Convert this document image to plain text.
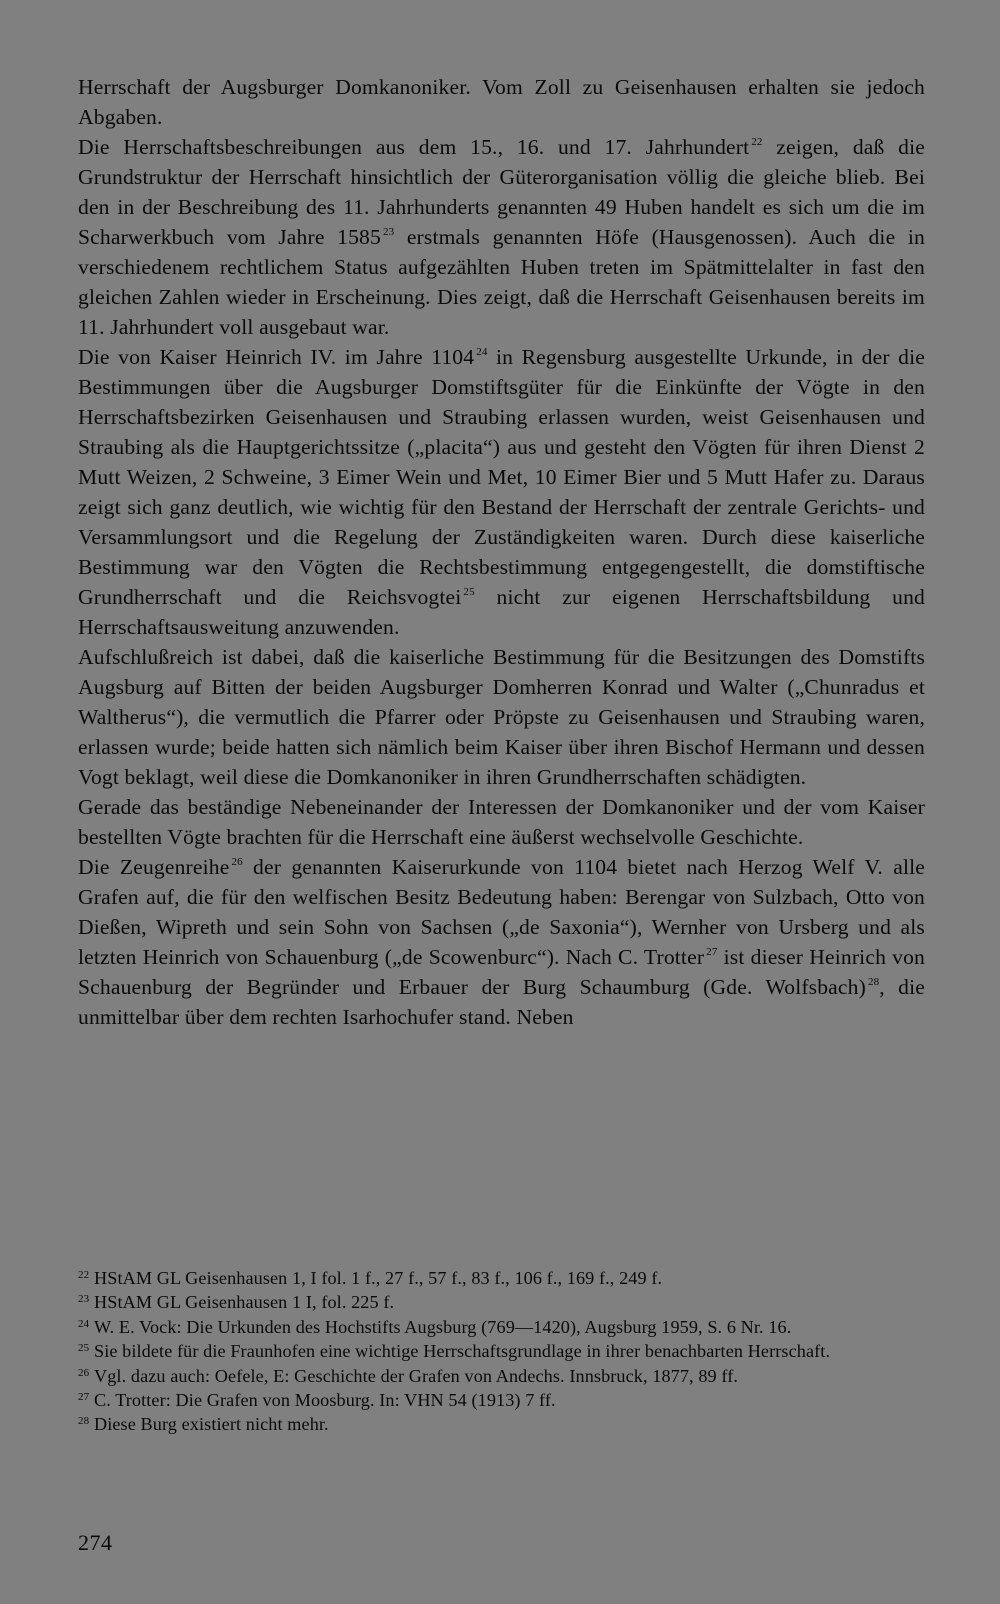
Herrschaft der Augsburger Domkanoniker. Vom Zoll zu Geisenhausen erhalten sie jedoch Abgaben.

Die Herrschaftsbeschreibungen aus dem 15., 16. und 17. Jahrhundert $^{22}$ zeigen, daß die Grundstruktur der Herrschaft hinsichtlich der Güterorganisation völlig die gleiche blieb. Bei den in der Beschreibung des 11. Jahrhunderts genannten 49 Huben handelt es sich um die im Scharwerkbuch vom Jahre 1585 $^{23}$ erstmals genannten Höfe (Hausgenossen). Auch die in verschiedenem rechtlichem Status aufgezählten Huben treten im Spätmittelalter in fast den gleichen Zahlen wieder in Erscheinung. Dies zeigt, daß die Herrschaft Geisenhausen bereits im 11. Jahrhundert voll ausgebaut war.

Die von Kaiser Heinrich IV. im Jahre 1104 $^{24}$ in Regensburg ausgestellte Urkunde, in der die Bestimmungen über die Augsburger Domstiftsgüter für die Einkünfte der Vögte in den Herrschaftsbezirken Geisenhausen und Straubing erlassen wurden, weist Geisenhausen und Straubing als die Hauptgerichtssitze („placita“) aus und gesteht den Vögten für ihren Dienst 2 Mutt Weizen, 2 Schweine, 3 Eimer Wein und Met, 10 Eimer Bier und 5 Mutt Hafer zu. Daraus zeigt sich ganz deutlich, wie wichtig für den Bestand der Herrschaft der zentrale Gerichts- und Versammlungsort und die Regelung der Zuständigkeiten waren. Durch diese kaiserliche Bestimmung war den Vögten die Rechtsbestimmung entgegengestellt, die domstiftische Grundherrschaft und die Reichsvogtei $^{25}$ nicht zur eigenen Herrschaftsbildung und Herrschaftsausweitung anzuwenden.

Aufschlußreich ist dabei, daß die kaiserliche Bestimmung für die Besitzungen des Domstifts Augsburg auf Bitten der beiden Augsburger Domherren Konrad und Walter („Chunradus et Waltherus“), die vermutlich die Pfarrer oder Pröpste zu Geisenhausen und Straubing waren, erlassen wurde; beide hatten sich nämlich beim Kaiser über ihren Bischof Hermann und dessen Vogt beklagt, weil diese die Domkanoniker in ihren Grundherrschaften schädigten.

Gerade das beständige Nebeneinander der Interessen der Domkanoniker und der vom Kaiser bestellten Vögte brachten für die Herrschaft eine äußerst wechselvolle Geschichte.

Die Zeugenreihe $^{26}$ der genannten Kaiserurkunde von 1104 bietet nach Herzog Welf V. alle Grafen auf, die für den welfischen Besitz Bedeutung haben: Berengar von Sulzbach, Otto von Dießen, Wipreth und sein Sohn von Sachsen („de Saxonia“), Wernher von Ursberg und als letzten Heinrich von Schauenburg („de Scowenburc“). Nach C. Trotter $^{27}$ ist dieser Heinrich von Schauenburg der Begründer und Erbauer der Burg Schaumburg (Gde. Wolfsbach) $^{28}$, die unmittelbar über dem rechten Isarhochufer stand. Neben

22 HStAM GL Geisenhausen 1, I fol. 1 f., 27 f., 57 f., 83 f., 106 f., 169 f., 249 f.
23 HStAM GL Geisenhausen 1 I, fol. 225 f.
24 W. E. Vock: Die Urkunden des Hochstifts Augsburg (769—1420), Augsburg 1959, S. 6 Nr. 16.
25 Sie bildete für die Fraunhofen eine wichtige Herrschaftsgrundlage in ihrer benachbarten Herrschaft.
26 Vgl. dazu auch: Oefele, E: Geschichte der Grafen von Andechs. Innsbruck, 1877, 89 ff.
27 C. Trotter: Die Grafen von Moosburg. In: VHN 54 (1913) 7 ff.
28 Diese Burg existiert nicht mehr.
274
